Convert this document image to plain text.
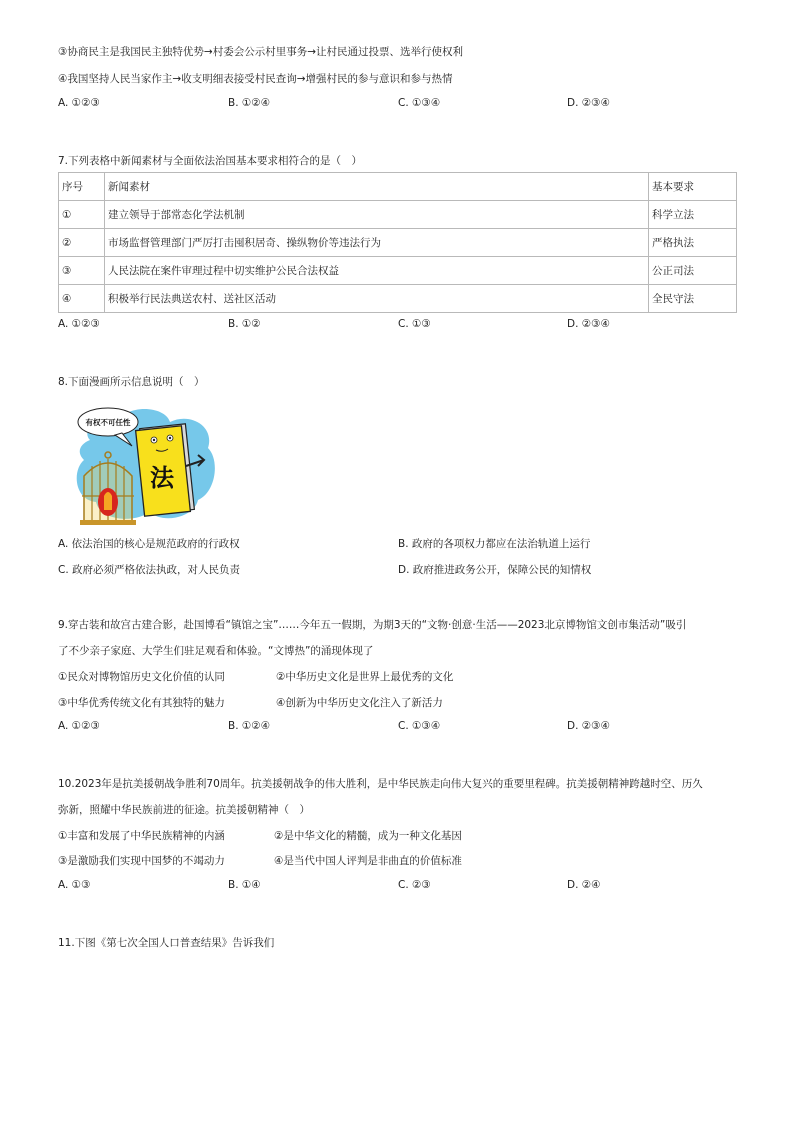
③协商民主是我国民主独特优势→村委会公示村里事务→让村民通过投票、选举行使权利
④我国坚持人民当家作主→收支明细表接受村民查询→增强村民的参与意识和参与热情
A. ①②③	B. ①②④	C. ①③④	D. ②③④
7.下列表格中新闻素材与全面依法治国基本要求相符合的是（　）
序号	新闻素材	基本要求
①	建立领导于部常态化学法机制	科学立法
②	市场监督管理部门严厉打击囤积居奇、操纵物价等违法行为	严格执法
③	人民法院在案件审理过程中切实维护公民合法权益	公正司法
④	积极举行民法典送农村、送社区活动	全民守法
A. ①②③	B. ①②	C. ①③	D. ②③④
8.下面漫画所示信息说明（　）
有权不可任性
法
A. 依法治国的核心是规范政府的行政权	B. 政府的各项权力都应在法治轨道上运行
C. 政府必须严格依法执政，对人民负责	D. 政府推进政务公开，保障公民的知情权
9.穿古装和故宫古建合影，赴国博看“镇馆之宝”……今年五一假期，为期3天的“文物·创意·生活——2023北京博物馆文创市集活动”吸引
了不少亲子家庭、大学生们驻足观看和体验。“文博热”的涌现体现了
①民众对博物馆历史文化价值的认同	②中华历史文化是世界上最优秀的文化
③中华优秀传统文化有其独特的魅力	④创新为中华历史文化注入了新活力
A. ①②③	B. ①②④	C. ①③④	D. ②③④
10.2023年是抗美援朝战争胜利70周年。抗美援朝战争的伟大胜利，是中华民族走向伟大复兴的重要里程碑。抗美援朝精神跨越时空、历久
弥新，照耀中华民族前进的征途。抗美援朝精神（　）
①丰富和发展了中华民族精神的内涵	②是中华文化的精髓，成为一种文化基因
③是激励我们实现中国梦的不竭动力	④是当代中国人评判是非曲直的价值标准
A. ①③	B. ①④	C. ②③	D. ②④
11.下图《第七次全国人口普查结果》告诉我们
